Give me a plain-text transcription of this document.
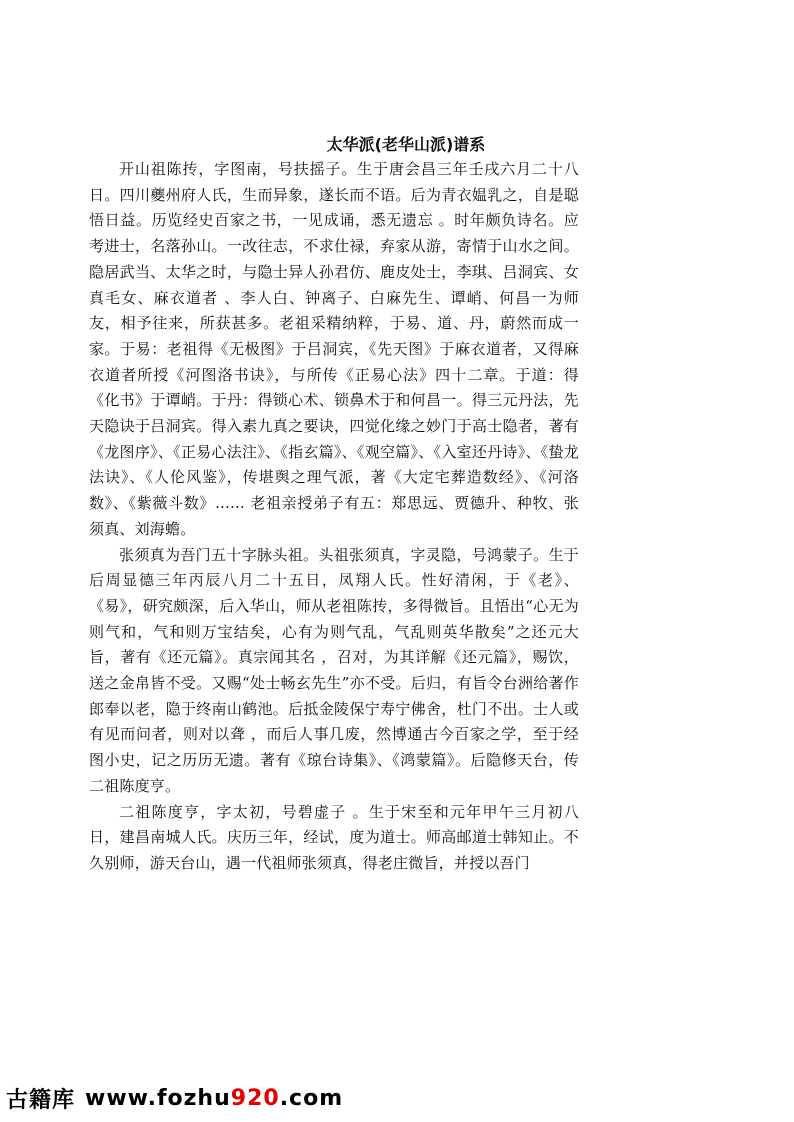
太华派(老华山派)谱系

开山祖陈抟，字图南，号扶摇子。生于唐会昌三年壬戌六月二十八日。四川夔州府人氏，生而异象，遂长而不语。后为青衣媪乳之，自是聪悟日益。历览经史百家之书，一见成诵，悉无遗忘 。时年颇负诗名。应考进士，名落孙山。一改往志，不求仕禄，弃家从游，寄情于山水之间。隐居武当、太华之时，与隐士异人孙君仿、鹿皮处士，李琪、吕洞宾、女真毛女、麻衣道者 、李人白、钟离子、白麻先生、谭峭、何昌一为师友，相予往来，所获甚多。老祖采精纳粹，于易、道、丹，蔚然而成一家。于易：老祖得《无极图》于吕洞宾，《先天图》于麻衣道者，又得麻衣道者所授《河图洛书诀》，与所传《正易心法》四十二章。于道：得《化书》于谭峭。于丹：得锁心术、锁鼻术于和何昌一。得三元丹法，先天隐诀于吕洞宾。得入素九真之要诀，四觉化缘之妙门于高士隐者，著有《龙图序》、《正易心法注》、《指玄篇》、《观空篇》、《入室还丹诗》、《蛰龙法诀》、《人伦风鉴》，传堪舆之理气派，著《大定宅葬造数经》、《河洛数》、《紫薇斗数》...... 老祖亲授弟子有五：郑思远、贾德升、种牧、张须真、刘海蟾。

张须真为吾门五十字脉头祖。头祖张须真，字灵隐，号鸿蒙子。生于后周显德三年丙辰八月二十五日，凤翔人氏。性好清闲，于《老》、《易》，研究颇深，后入华山，师从老祖陈抟，多得微旨。且悟出“心无为则气和，气和则万宝结矣，心有为则气乱，气乱则英华散矣”之还元大旨，著有《还元篇》。真宗闻其名 ，召对，为其详解《还元篇》，赐饮，送之金帛皆不受。又赐“处士畅玄先生”亦不受。后归，有旨令台洲给著作郎奉以老，隐于终南山鹤池。后抵金陵保宁寿宁佛舍，杜门不出。士人或有见而问者，则对以聋 ，而后人事几废，然博通古今百家之学，至于经图小史，记之历历无遗。著有《琼台诗集》、《鸿蒙篇》。后隐修天台，传二祖陈度亨。

二祖陈度亨，字太初，号碧虚子 。生于宋至和元年甲午三月初八日，建昌南城人氏。庆历三年，经试，度为道士。师高邮道士韩知止。不久别师，游天台山，遇一代祖师张须真，得老庄微旨，并授以吾门

古籍库 www.fozhu920.com
